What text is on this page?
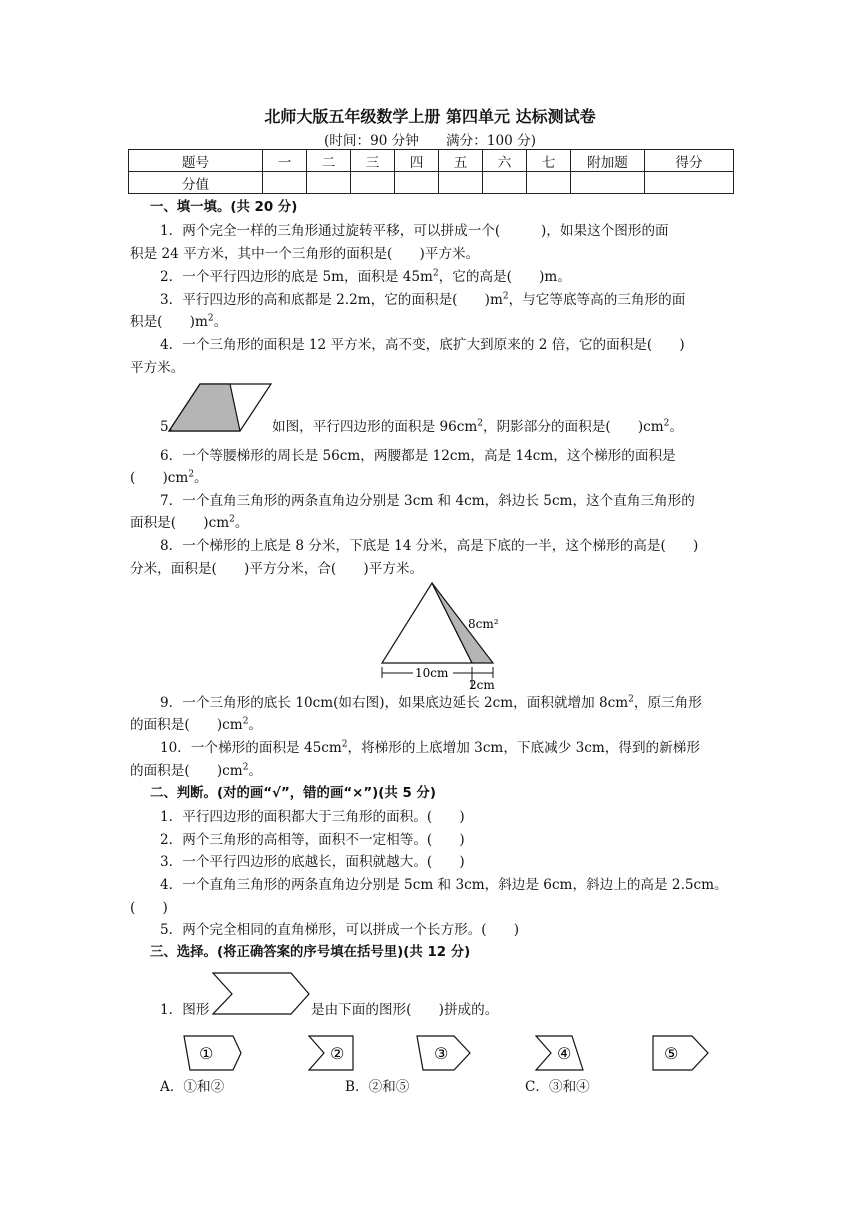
北师大版五年级数学上册 第四单元 达标测试卷
(时间：90 分钟　　满分：100 分)
题号	一	二	三	四	五	六	七	附加题	得分
分值									
一、填一填。(共 20 分)
1．两个完全一样的三角形通过旋转平移，可以拼成一个(　　　)，如果这个图形的面
积是 24 平方米，其中一个三角形的面积是(　　)平方米。
2．一个平行四边形的底是 5m，面积是 $45m^2$，它的高是(　　)m。
3．平行四边形的高和底都是 2.2m，它的面积是(　　)$m^2$，与它等底等高的三角形的面
积是(　　)$m^2$。
4．一个三角形的面积是 12 平方米，高不变，底扩大到原来的 2 倍，它的面积是(　　)
平方米。
5.	如图，平行四边形的面积是 $96cm^2$，阴影部分的面积是(　　)$cm^2$。
6．一个等腰梯形的周长是 56cm，两腰都是 12cm，高是 14cm，这个梯形的面积是
(　　)$cm^2$。
7．一个直角三角形的两条直角边分别是 3cm 和 4cm，斜边长 5cm，这个直角三角形的
面积是(　　)$cm^2$。
8．一个梯形的上底是 8 分米，下底是 14 分米，高是下底的一半，这个梯形的高是(　　)
分米，面积是(　　)平方分米，合(　　)平方米。
10cm
2cm
8cm²
9．一个三角形的底长 10cm(如右图)，如果底边延长 2cm，面积就增加 $8cm^2$，原三角形
的面积是(　　)$cm^2$。
10．一个梯形的面积是 $45cm^2$，将梯形的上底增加 3cm，下底减少 3cm，得到的新梯形
的面积是(　　)$cm^2$。
二、判断。(对的画“√”，错的画“×”)(共 5 分)
1．平行四边形的面积都大于三角形的面积。(　　)
2．两个三角形的高相等，面积不一定相等。(　　)
3．一个平行四边形的底越长，面积就越大。(　　)
4．一个直角三角形的两条直角边分别是 5cm 和 3cm，斜边是 6cm，斜边上的高是 2.5cm。
(　　)
5．两个完全相同的直角梯形，可以拼成一个长方形。(　　)
三、选择。(将正确答案的序号填在括号里)(共 12 分)
1．图形	是由下面的图形(　　)拼成的。
①	②	③	④	⑤
A．①和②	B．②和⑤	C．③和④
